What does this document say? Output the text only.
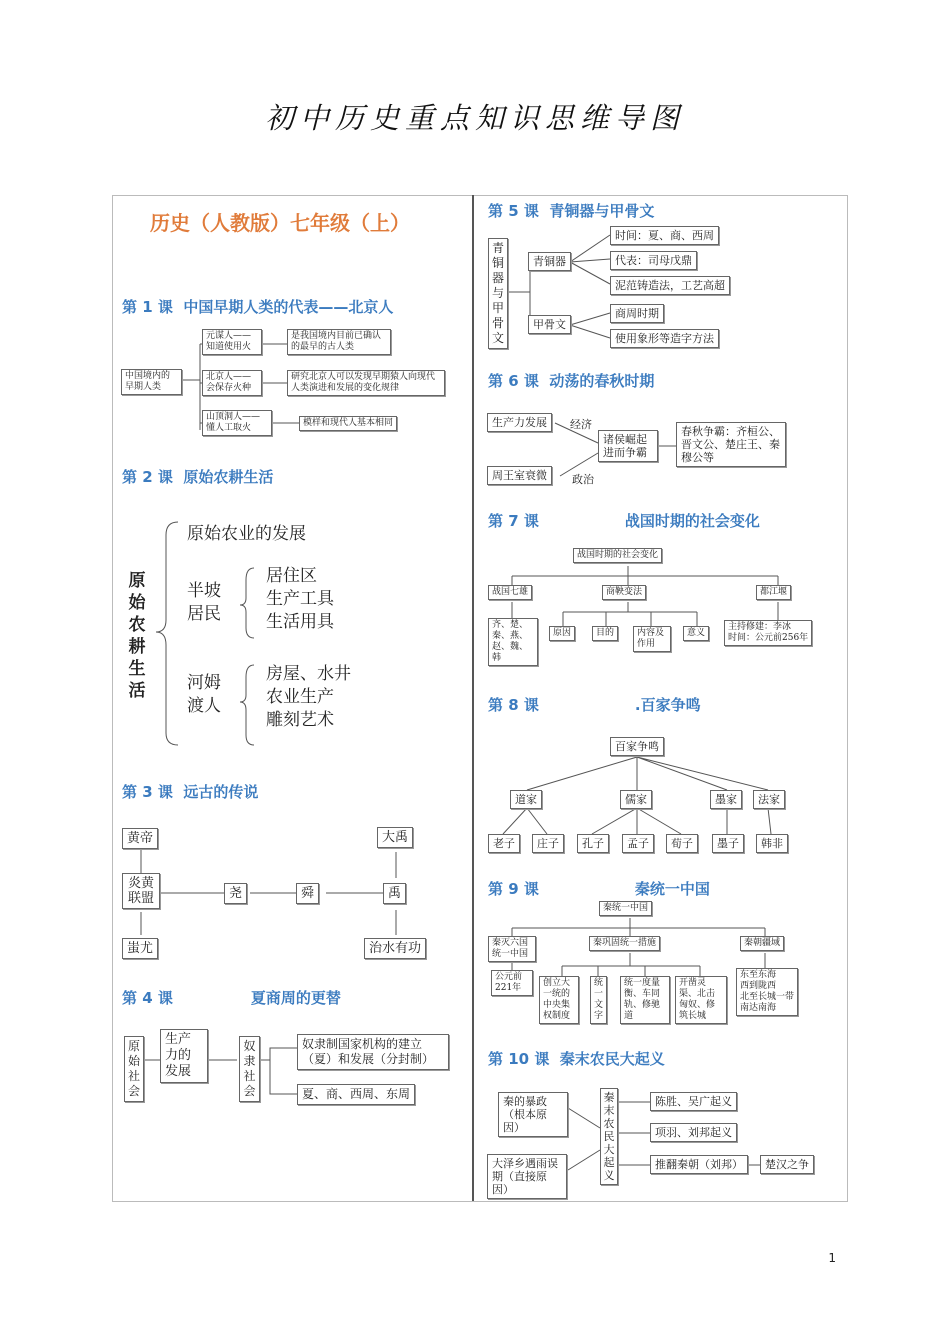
初中历史重点知识思维导图
历史（人教版）七年级（上）
第 1 课 中国早期人类的代表——北京人
中国境内的早期人类
元谋人——知道使用火
是我国境内目前已确认的最早的古人类
北京人——会保存火种
研究北京人可以发现早期猿人向现代人类演进和发展的变化规律
山顶洞人——懂人工取火	模样和现代人基本相同
第 2 课 原始农耕生活
原始农耕生活
原始农业的发展
半坡
居民
居住区
生产工具
生活用具
河姆
渡人
房屋、水井
农业生产
雕刻艺术
第 3 课 远古的传说
黄帝
炎黄联盟
蚩尤
尧	舜	禹
大禹
治水有功
第 4 课	夏商周的更替
原始社会
生产力的发展
奴隶社会
奴隶制国家机构的建立（夏）和发展（分封制）
夏、商、西周、东周
第 5 课 青铜器与甲骨文
青铜器与甲骨文
青铜器
甲骨文
时间：夏、商、西周
代表：司母戊鼎
泥范铸造法，工艺高超
商周时期
使用象形等造字方法
第 6 课 动荡的春秋时期
生产力发展	经济
周王室衰微	政治
诸侯崛起进而争霸
春秋争霸：齐桓公、晋文公、楚庄王、秦穆公等
第 7 课	战国时期的社会变化
战国时期的社会变化
战国七雄	商鞅变法	都江堰
齐、楚、秦、燕、赵、魏、韩
原因	目的	内容及作用
意义
主持修建：李冰
时间：公元前256年
第 8 课	.百家争鸣
百家争鸣
道家	儒家	墨家	法家
老子	庄子	孔子	孟子	荀子	墨子	韩非
第 9 课	秦统一中国
秦统一中国
秦灭六国统一中国
秦巩固统一措施	秦朝疆域
公元前221年	创立大一统的中央集权制度
统一文字
统一度量衡、车同轨、修驰道
开凿灵渠、北击匈奴、修筑长城
东至东海
西到陇西
北至长城一带
南达南海
第 10 课 秦末农民大起义
秦的暴政（根本原因）
大泽乡遇雨误期（直接原因）
秦末农民大起义
陈胜、吴广起义
项羽、刘邦起义
推翻秦朝（刘邦）	楚汉之争
1
